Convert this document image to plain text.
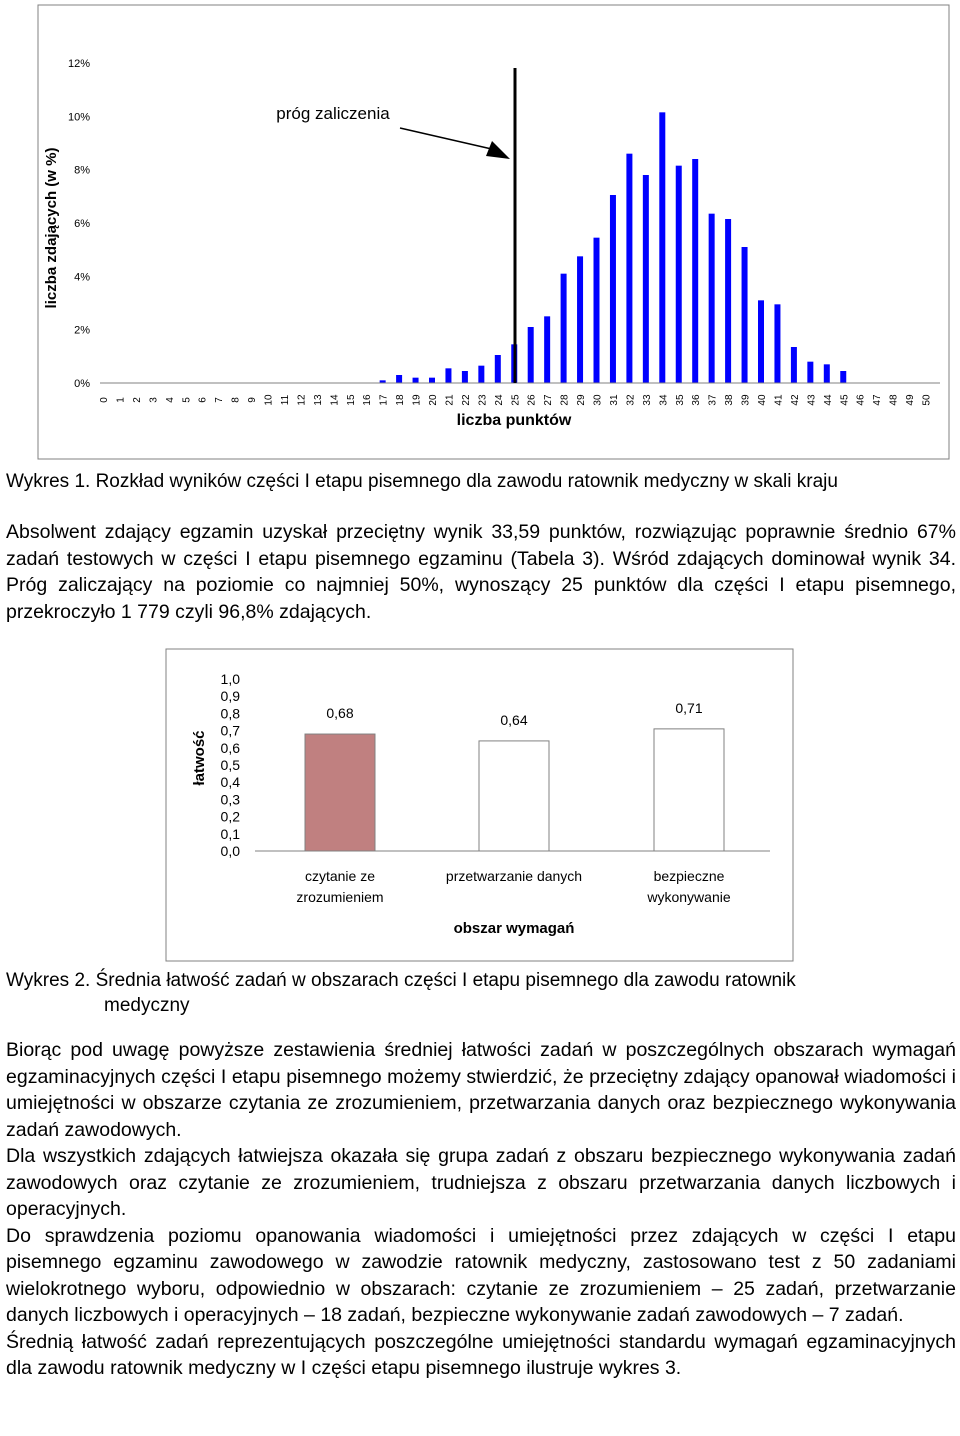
0%
2%
4%
6%
8%
10%
12%
0 1 2 3 4 5 6 7 8 9 10 11 12 13 14 15 16 17 18 19 20 21 22 23 24 25 26 27 28 29 30 31 32 33 34 35 36 37 38 39 40 41 42 43 44 45 46 47 48 49 50
liczba zdających (w %)
liczba punktów
próg zaliczenia
Wykres 1. Rozkład wyników części I etapu pisemnego dla zawodu ratownik medyczny w skali kraju

Absolwent zdający egzamin uzyskał przeciętny wynik 33,59 punktów, rozwiązując poprawnie średnio 67% zadań testowych w części I etapu pisemnego egzaminu (Tabela 3). Wśród zdających dominował wynik 34. Próg zaliczający na poziomie co najmniej 50%, wynoszący 25 punktów dla części I etapu pisemnego, przekroczyło 1 779 czyli 96,8% zdających.

łatwość
0,0
0,1
0,2
0,3
0,4
0,5
0,6
0,7
0,8
0,9
1,0
0,68	0,64
0,71
czytanie ze zrozumieniem
przetwarzanie danych	bezpieczne wykonywanie
obszar wymagań
Wykres 2. Średnia łatwość zadań w obszarach części I etapu pisemnego dla zawodu ratownik
medyczny

Biorąc pod uwagę powyższe zestawienia średniej łatwości zadań w poszczególnych obszarach wymagań egzaminacyjnych części I etapu pisemnego możemy stwierdzić, że przeciętny zdający opanował wiadomości i umiejętności w obszarze czytania ze zrozumieniem, przetwarzania danych oraz bezpiecznego wykonywania zadań zawodowych.

Dla wszystkich zdających łatwiejsza okazała się grupa zadań z obszaru bezpiecznego wykonywania zadań zawodowych oraz czytanie ze zrozumieniem, trudniejsza z obszaru przetwarzania danych liczbowych i operacyjnych.

Do sprawdzenia poziomu opanowania wiadomości i umiejętności przez zdających w części I etapu pisemnego egzaminu zawodowego w zawodzie ratownik medyczny, zastosowano test z 50 zadaniami wielokrotnego wyboru, odpowiednio w obszarach: czytanie ze zrozumieniem – 25 zadań, przetwarzanie danych liczbowych i operacyjnych – 18 zadań, bezpieczne wykonywanie zadań zawodowych – 7 zadań.

Średnią łatwość zadań reprezentujących poszczególne umiejętności standardu wymagań egzaminacyjnych dla zawodu ratownik medyczny w I części etapu pisemnego ilustruje wykres 3.
